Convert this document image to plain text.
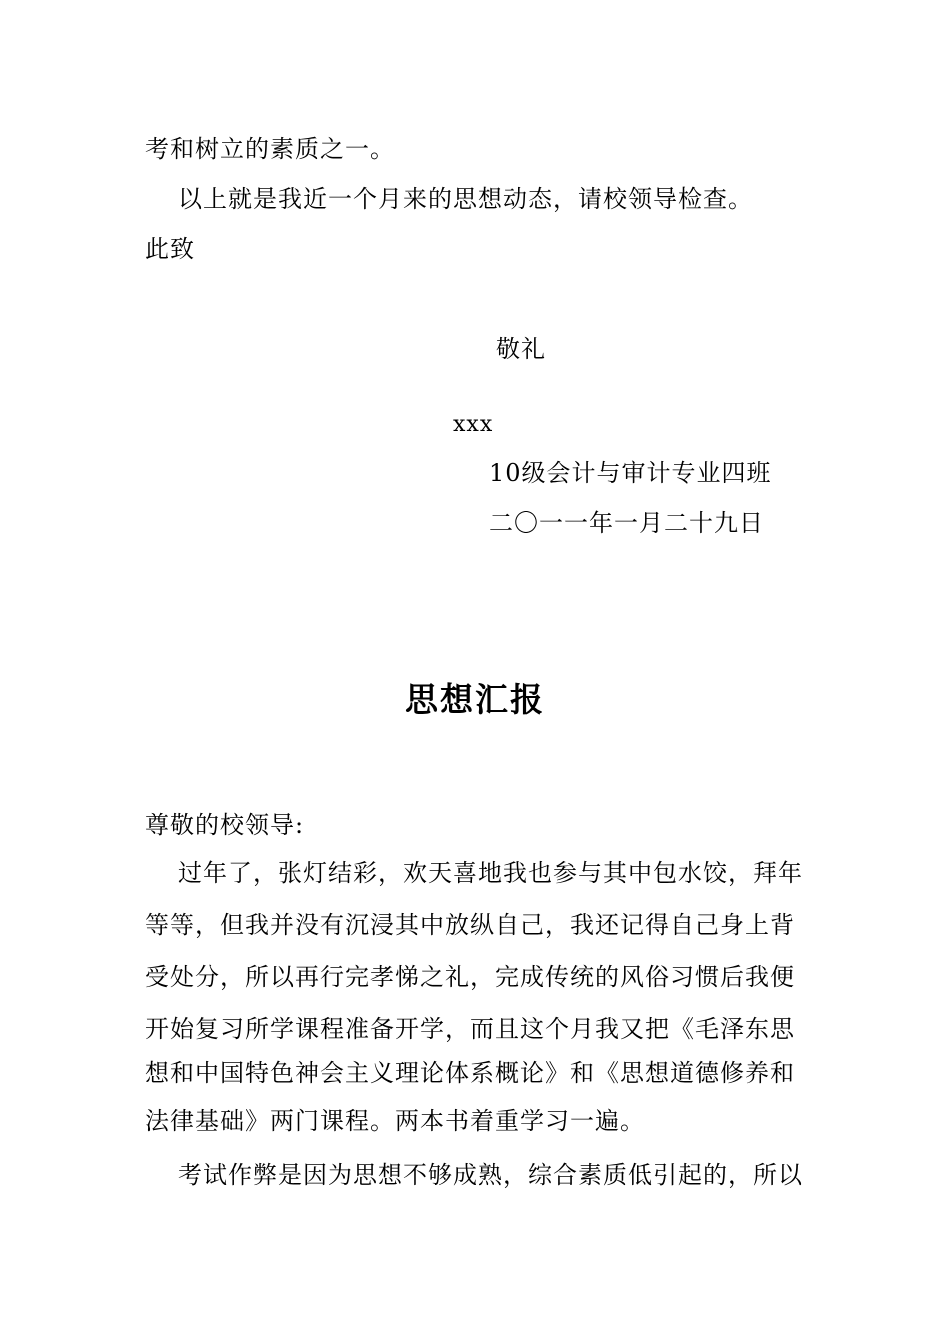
考和树立的素质之一。
以上就是我近一个月来的思想动态，请校领导检查。
此致
敬礼
xxx
10级会计与审计专业四班
二〇一一年一月二十九日
思想汇报
尊敬的校领导:
过年了，张灯结彩，欢天喜地我也参与其中包水饺，拜年
等等，但我并没有沉浸其中放纵自己，我还记得自己身上背
受处分，所以再行完孝悌之礼，完成传统的风俗习惯后我便
开始复习所学课程准备开学，而且这个月我又把《毛泽东思
想和中国特色神会主义理论体系概论》和《思想道德修养和
法律基础》两门课程。两本书着重学习一遍。
考试作弊是因为思想不够成熟，综合素质低引起的，所以
